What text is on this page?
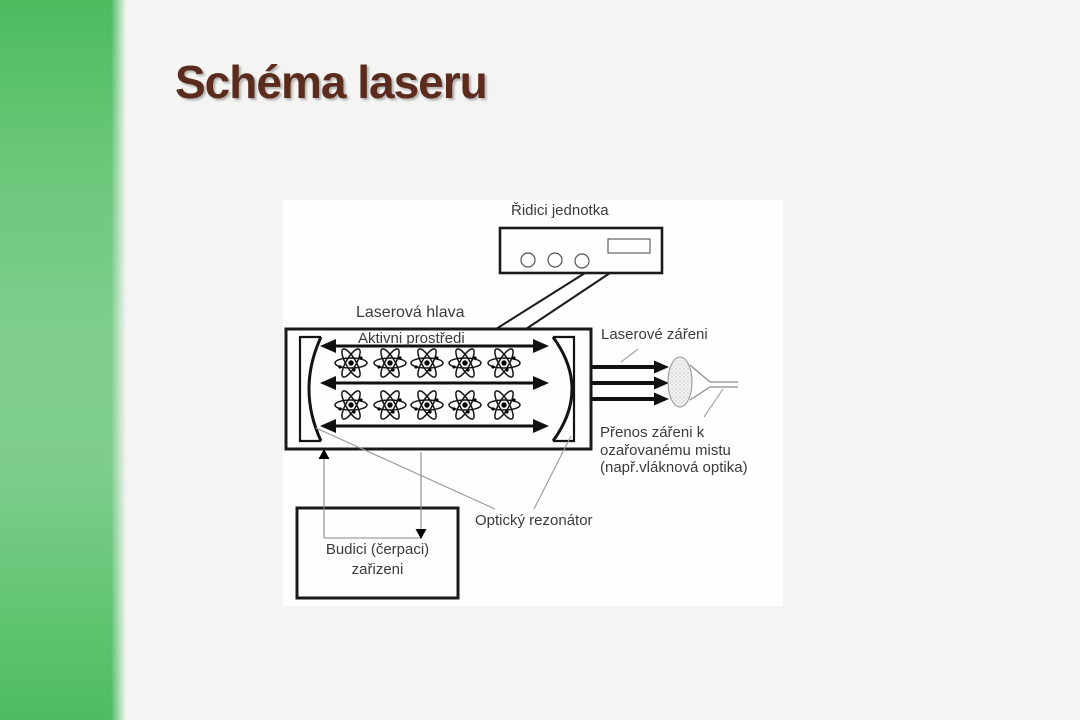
Schéma laseru
Řidici jednotka
Laserová hlava
Aktivni prostředi	Laserové zářeni
Přenos zářeni k
ozařovanému mistu
(např.vláknová optika)
Optický rezonátor
Budici (čerpaci)
zařizeni
